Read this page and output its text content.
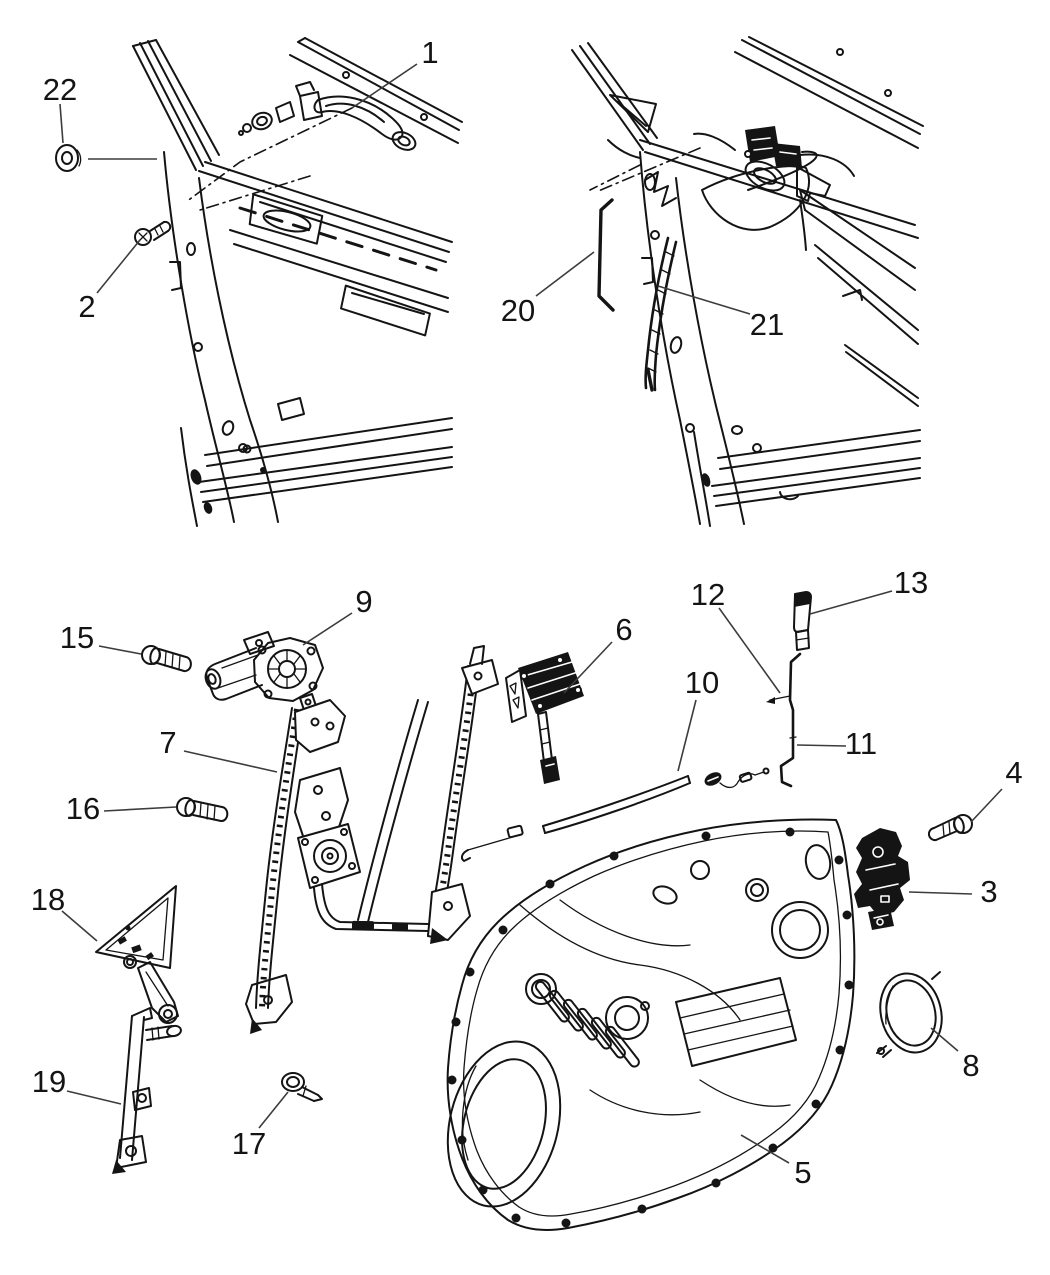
1
2
22
20	21
9
15	6
12	13
10
7	11
16
4
18	3
8
19
17
5
